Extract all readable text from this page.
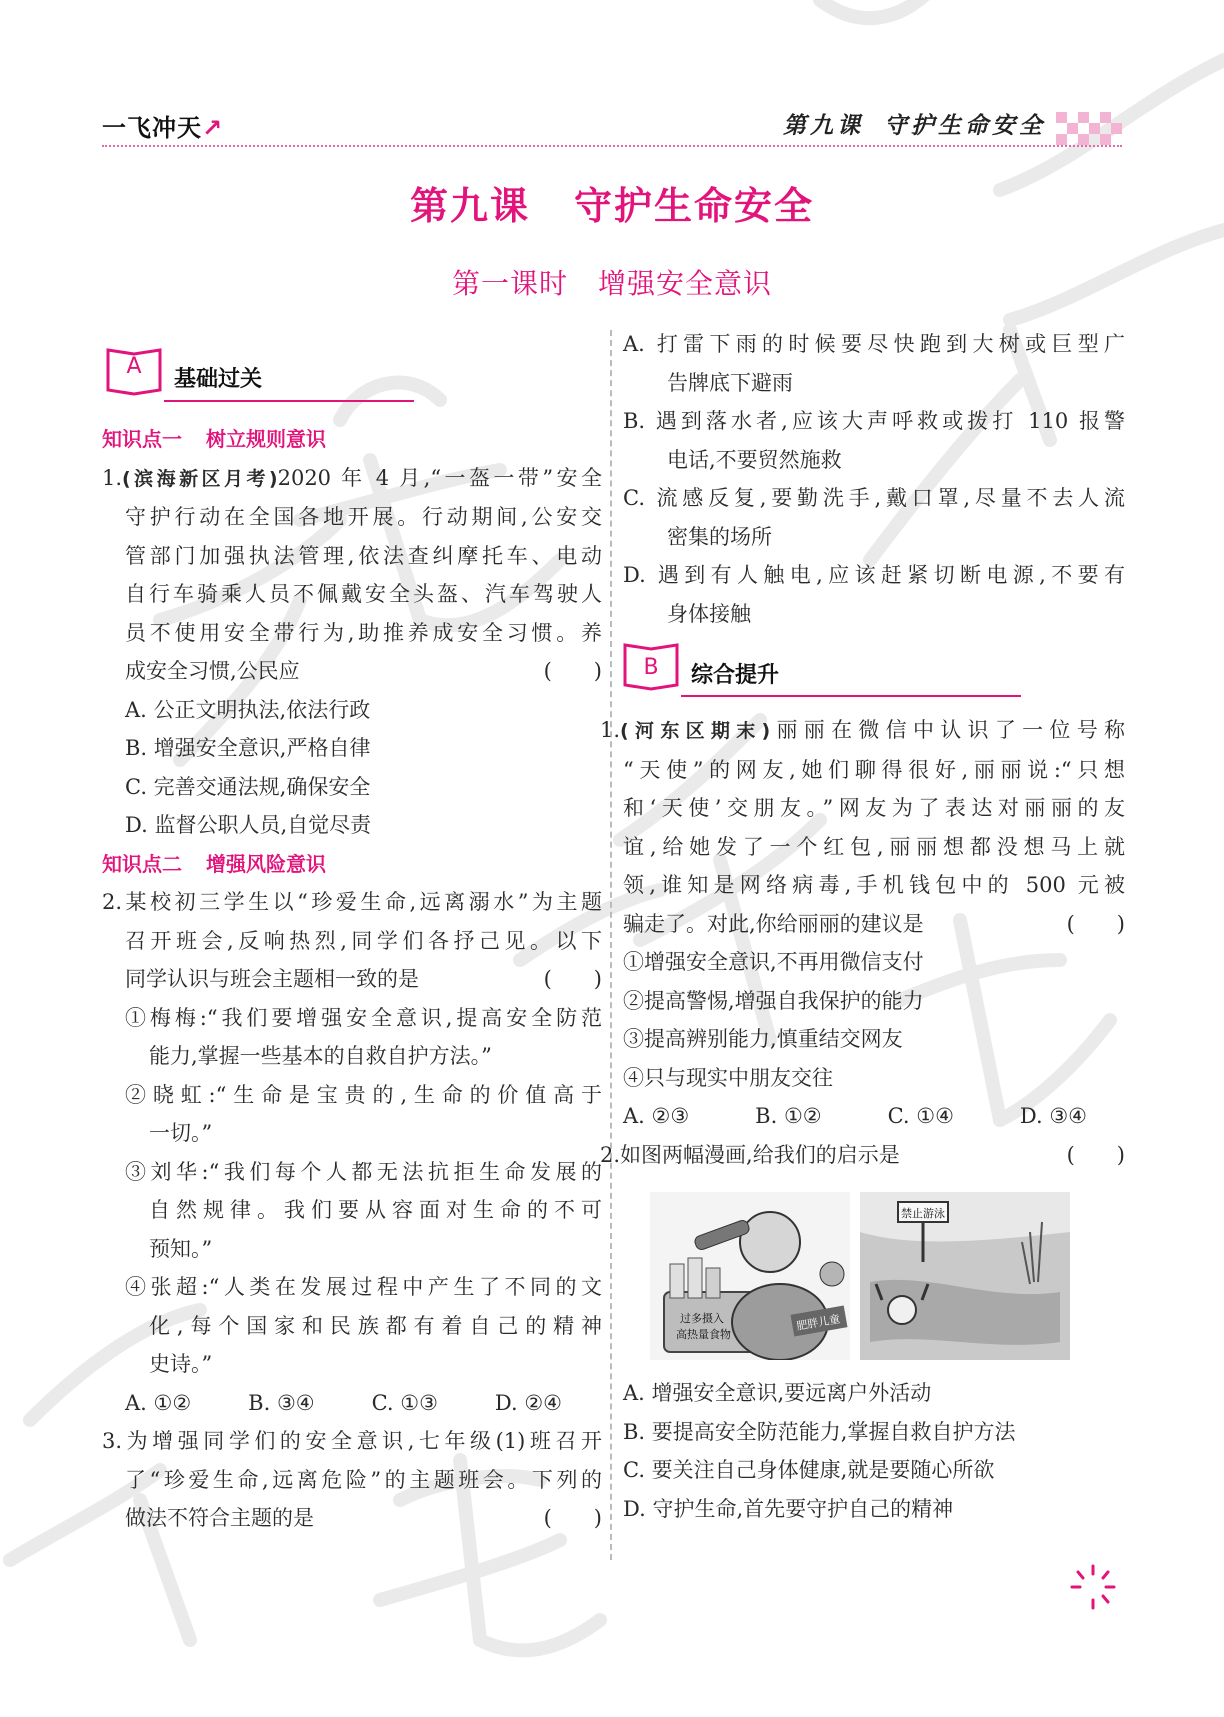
一飞冲天↗	第九课 守护生命安全
第九课 守护生命安全
第一课时 增强安全意识
A
基础过关
知识点一 树立规则意识
1.(滨海新区月考)2020 年 4 月,“一盔一带”安全
守护行动在全国各地开展。行动期间,公安交
管部门加强执法管理,依法查纠摩托车、电动
自行车骑乘人员不佩戴安全头盔、汽车驾驶人
员不使用安全带行为,助推养成安全习惯。养
成安全习惯,公民应	(　　)
A. 公正文明执法,依法行政
B. 增强安全意识,严格自律
C. 完善交通法规,确保安全
D. 监督公职人员,自觉尽责
知识点二 增强风险意识
2.某校初三学生以“珍爱生命,远离溺水”为主题
召开班会,反响热烈,同学们各抒己见。以下
同学认识与班会主题相一致的是	(　　)
①梅梅:“我们要增强安全意识,提高安全防范
能力,掌握一些基本的自救自护方法。”
②晓虹:“生命是宝贵的,生命的价值高于
一切。”
③刘华:“我们每个人都无法抗拒生命发展的
自然规律。我们要从容面对生命的不可
预知。”
④张超:“人类在发展过程中产生了不同的文
化,每个国家和民族都有着自己的精神
史诗。”
A. ①②	B. ③④	C. ①③	D. ②④
3.为增强同学们的安全意识,七年级(1)班召开
了“珍爱生命,远离危险”的主题班会。下列的
做法不符合主题的是	(　　)
A. 打雷下雨的时候要尽快跑到大树或巨型广
告牌底下避雨
B. 遇到落水者,应该大声呼救或拨打 110 报警
电话,不要贸然施救
C. 流感反复,要勤洗手,戴口罩,尽量不去人流
密集的场所
D. 遇到有人触电,应该赶紧切断电源,不要有
身体接触
B	综合提升
1.(河东区期末)丽丽在微信中认识了一位号称
“天使”的网友,她们聊得很好,丽丽说:“只想
和‘天使’交朋友。”网友为了表达对丽丽的友
谊,给她发了一个红包,丽丽想都没想马上就
领,谁知是网络病毒,手机钱包中的 500 元被
骗走了。对此,你给丽丽的建议是	(　　)
①增强安全意识,不再用微信支付
②提高警惕,增强自我保护的能力
③提高辨别能力,慎重结交网友
④只与现实中朋友交往
A. ②③	B. ①②	C. ①④	D. ③④
2.如图两幅漫画,给我们的启示是	(　　)
肥胖儿童
过多摄入
高热量食物
禁止游泳
A. 增强安全意识,要远离户外活动
B. 要提高安全防范能力,掌握自救自护方法
C. 要关注自己身体健康,就是要随心所欲
D. 守护生命,首先要守护自己的精神
